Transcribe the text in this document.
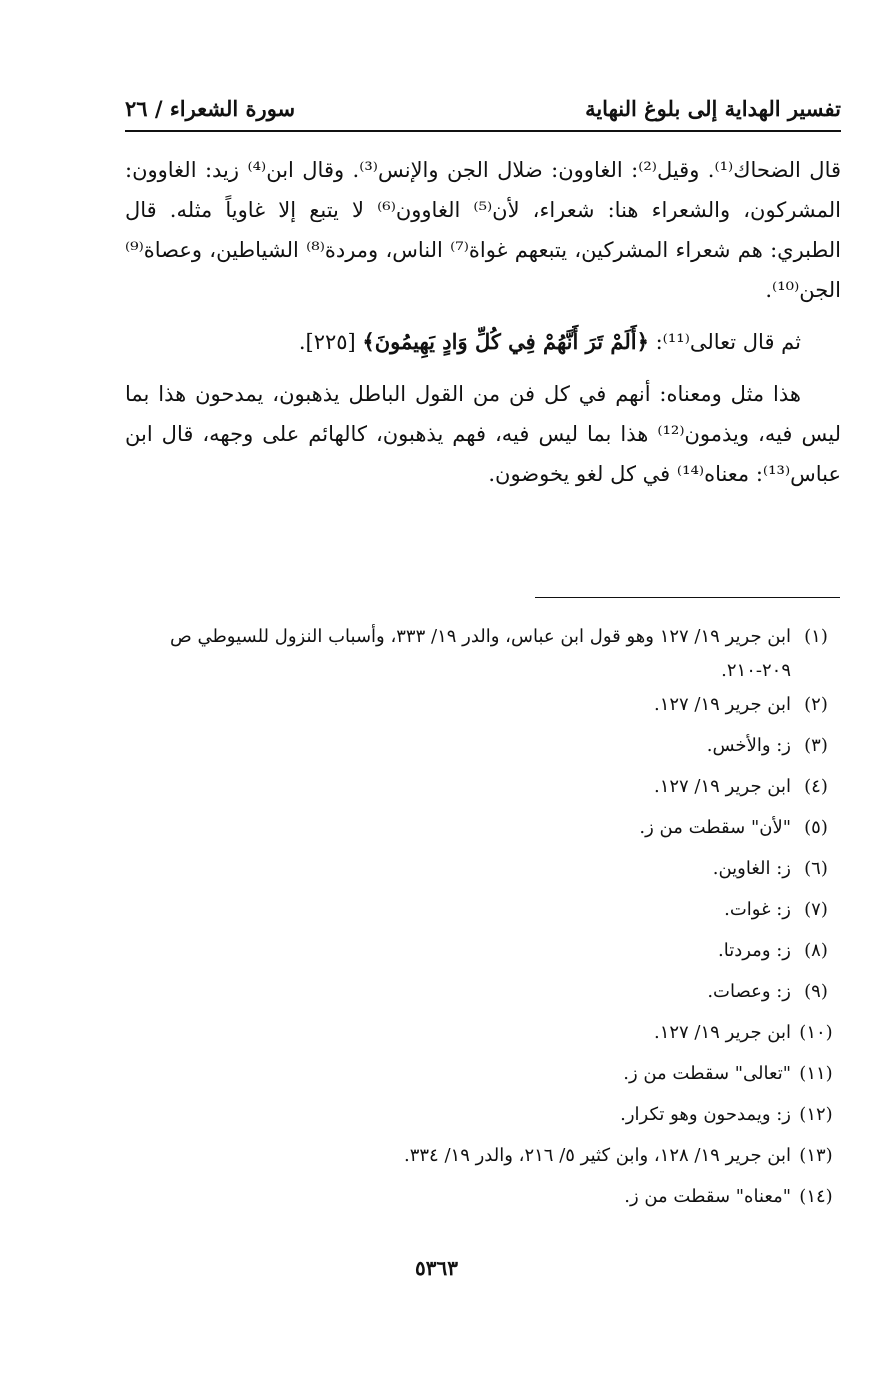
تفسير الهداية إلى بلوغ النهاية
سورة الشعراء / ٢٦

قال الضحاك⁽¹⁾. وقيل⁽²⁾: الغاوون: ضلال الجن والإنس⁽³⁾. وقال ابن⁽⁴⁾ زيد: الغاوون: المشركون، والشعراء هنا: شعراء، لأن⁽⁵⁾ الغاوون⁽⁶⁾ لا يتبع إلا غاوياً مثله. قال الطبري: هم شعراء المشركين، يتبعهم غواة⁽⁷⁾ الناس، ومردة⁽⁸⁾ الشياطين، وعصاة⁽⁹⁾ الجن⁽¹⁰⁾.

ثم قال تعالى⁽¹¹⁾: ﴿أَلَمْ تَرَ أَنَّهُمْ فِي كُلِّ وَادٍ يَهِيمُونَ﴾ [٢٢٥].

هذا مثل ومعناه: أنهم في كل فن من القول الباطل يذهبون، يمدحون هذا بما ليس فيه، ويذمون⁽¹²⁾ هذا بما ليس فيه، فهم يذهبون، كالهائم على وجهه، قال ابن عباس⁽¹³⁾: معناه⁽¹⁴⁾ في كل لغو يخوضون.

(١)
ابن جرير ١٩/ ١٢٧ وهو قول ابن عباس، والدر ١٩/ ٣٣٣، وأسباب النزول للسيوطي ص ٢٠٩-٢١٠.
(٢)
ابن جرير ١٩/ ١٢٧.
(٣)
ز: والأخس.
(٤)
ابن جرير ١٩/ ١٢٧.
(٥)
"لأن" سقطت من ز.
(٦)
ز: الغاوين.
(٧)
ز: غوات.
(٨)
ز: ومردتا.
(٩)
ز: وعصات.
(١٠)
ابن جرير ١٩/ ١٢٧.
(١١)
"تعالى" سقطت من ز.
(١٢)
ز: ويمدحون وهو تكرار.
(١٣)
ابن جرير ١٩/ ١٢٨، وابن كثير ٥/ ٢١٦، والدر ١٩/ ٣٣٤.
(١٤)
"معناه" سقطت من ز.
٥٣٦٣
